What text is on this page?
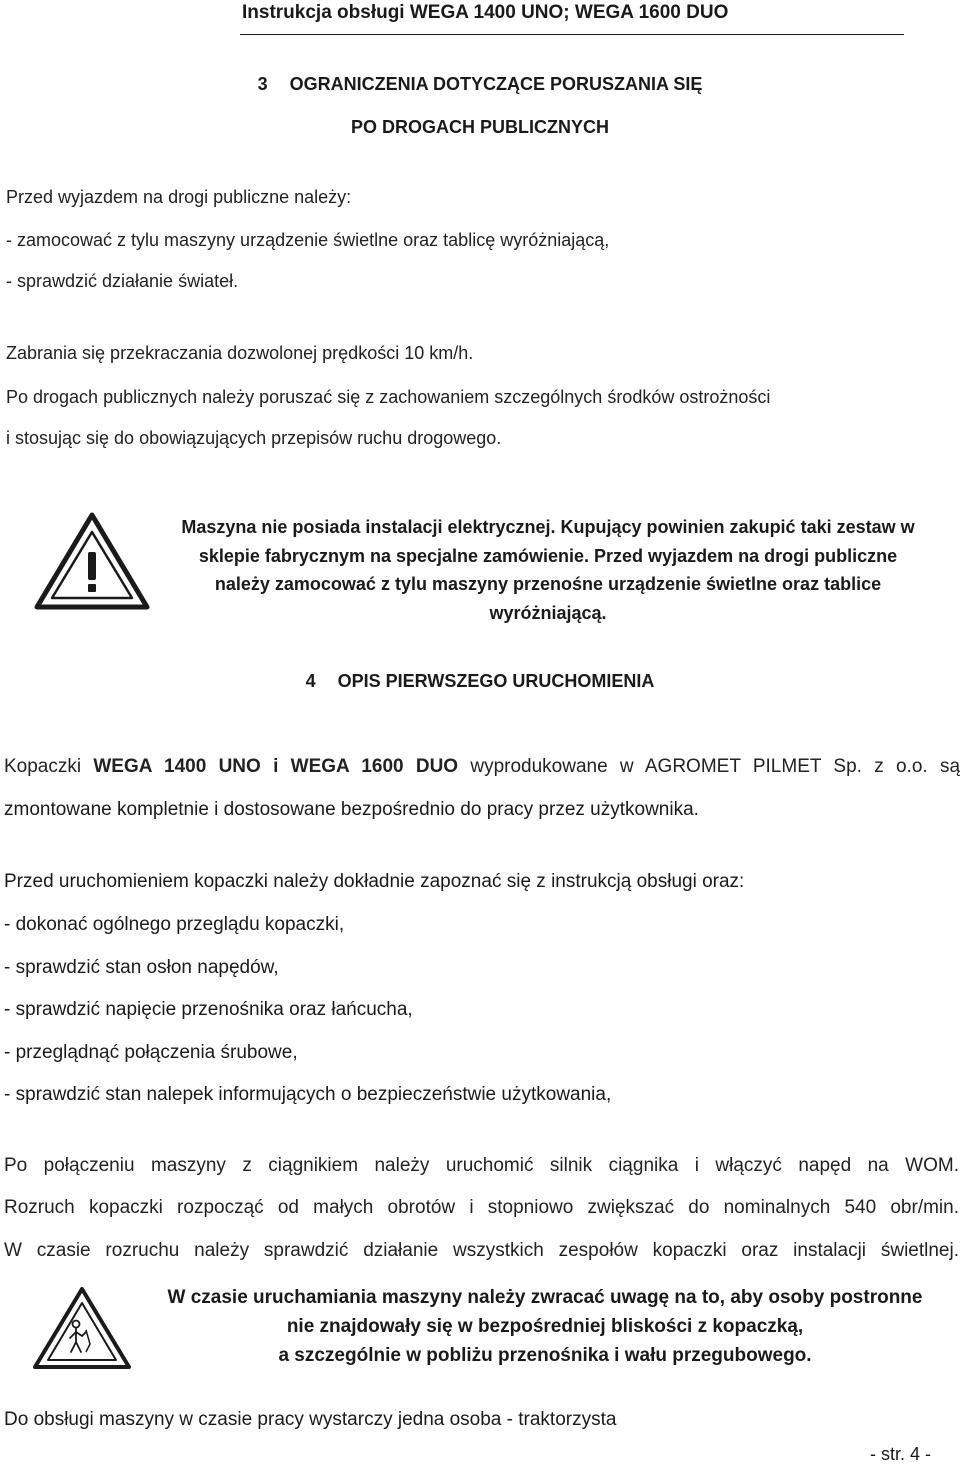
Instrukcja obsługi WEGA 1400 UNO; WEGA 1600 DUO
3 OGRANICZENIA DOTYCZĄCE PORUSZANIA SIĘ
PO DROGACH PUBLICZNYCH
Przed wyjazdem na drogi publiczne należy:
- zamocować z tylu maszyny urządzenie świetlne oraz tablicę wyróżniającą,
- sprawdzić działanie świateł.
Zabrania się przekraczania dozwolonej prędkości 10 km/h.
Po drogach publicznych należy poruszać się z zachowaniem szczególnych środków ostrożności
i stosując się do obowiązujących przepisów ruchu drogowego.
Maszyna nie posiada instalacji elektrycznej. Kupujący powinien zakupić taki zestaw w sklepie fabrycznym na specjalne zamówienie. Przed wyjazdem na drogi publiczne należy zamocować z tylu maszyny przenośne urządzenie świetlne oraz tablice wyróżniającą.
4 OPIS PIERWSZEGO URUCHOMIENIA
Kopaczki WEGA 1400 UNO i WEGA 1600 DUO wyprodukowane w AGROMET PILMET Sp. z o.o. są
zmontowane kompletnie i dostosowane bezpośrednio do pracy przez użytkownika.
Przed uruchomieniem kopaczki należy dokładnie zapoznać się z instrukcją obsługi oraz:
- dokonać ogólnego przeglądu kopaczki,
- sprawdzić stan osłon napędów,
- sprawdzić napięcie przenośnika oraz łańcucha,
- przeglądnąć połączenia śrubowe,
- sprawdzić stan nalepek informujących o bezpieczeństwie użytkowania,
Po połączeniu maszyny z ciągnikiem należy uruchomić silnik ciągnika i włączyć napęd na WOM.
Rozruch kopaczki rozpocząć od małych obrotów i stopniowo zwiększać do nominalnych 540 obr/min.
W czasie rozruchu należy sprawdzić działanie wszystkich zespołów kopaczki oraz instalacji świetlnej.
W czasie uruchamiania maszyny należy zwracać uwagę na to, aby osoby postronne
nie znajdowały się w bezpośredniej bliskości z kopaczką,
a szczególnie w pobliżu przenośnika i wału przegubowego.
Do obsługi maszyny w czasie pracy wystarczy jedna osoba - traktorzysta
- str. 4 -
